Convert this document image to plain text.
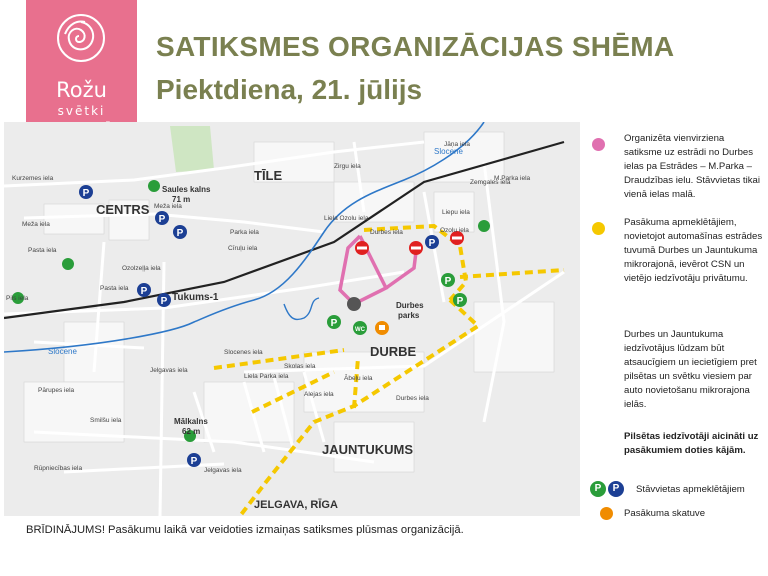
Rožu
svētki
SATIKSMES ORGANIZĀCIJAS SHĒMA
Piektdiena, 21. jūlijs
P
P
P
P
P
P
P
P
P
P
WC
TĪLE
CENTRS
DURBE
JAUNTUKUMS
JELGAVA, RĪGA
Saules kalns
71 m
Mālkalns
62 m
Tukums-1
Durbes
parks
Slocene
Slocene
Kurzemes iela
Meža iela
Pasta iela
Pils iela
Ozolzeļļa iela
Pasta iela
Durbes iela
Liela Ozolu iela
Liela Parka iela
Jelgavas iela
Jelgavas iela
Rūpniecības iela
Pārupes iela
Slocenes iela
Meža iela
Zirgu iela
Liepu iela
Parka iela
Cīruļu iela
Smilšu iela
Ābeļu iela
Durbes iela
Ozolu iela
Jāņa iela
Zemgales iela
M.Parka iela
Skolas iela
Alejas iela
Organizēta vienvirziena satiksme uz estrādi no Durbes ielas pa Estrādes – M.Parka – Draudzības ielu. Stāvvietas tikai vienā ielas malā.
Pasākuma apmeklētājiem, novietojot automašīnas estrādes tuvumā Durbes un Jauntukuma mikrorajonā, ievērot CSN un vietējo iedzīvotāju privātumu.
Durbes un Jauntukuma iedzīvotājus lūdzam būt atsaucīgiem un iecietīgiem pret pilsētas un svētku viesiem par auto novietošanu mikrorajona ielās.
Pilsētas iedzīvotāji aicināti uz pasākumiem doties kājām.
P	P	Stāvvietas apmeklētājiem
Pasākuma skatuve
BRĪDINĀJUMS! Pasākumu laikā var veidoties izmaiņas satiksmes plūsmas organizācijā.
